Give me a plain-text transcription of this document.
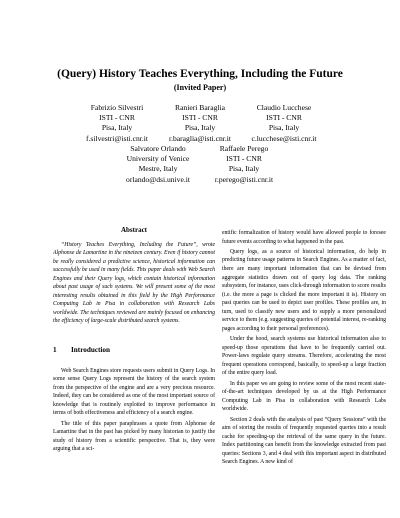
(Query) History Teaches Everything, Including the Future
(Invited Paper)
Fabrizio Silvestri
ISTI - CNR
Pisa, Italy
f.silvestri@isti.cnr.it
Ranieri Baraglia
ISTI - CNR
Pisa, Italy
r.baraglia@isti.cnr.it
Claudio Lucchese
ISTI - CNR
Pisa, Italy
c.lucchese@isti.cnr.it
Salvatore Orlando
University of Venice
Mestre, Italy
orlando@dsi.unive.it
Raffaele Perego
ISTI - CNR
Pisa, Italy
r.perego@isti.cnr.it
Abstract

“History Teaches Everything, Including the Future”, wrote Alphonse de Lamartine in the nineteen century. Even if history cannot be really considered a predictive science, historical information can successfully be used in many fields. This paper deals with Web Search Engines and their Query logs, which contain historical information about past usage of such systems. We will present some of the most interesting results obtained in this field by the High Performance Computing Lab in Pisa in collaboration with Research Labs worldwide. The techniques reviewed are mainly focused on enhancing the efficiency of large-scale distributed search systems.

1 Introduction

Web Search Engines store requests users submit in Query Logs. In some sense Query Logs represent the history of the search system from the perspective of the engine and are a very precious resource. Indeed, they can be considered as one of the most important source of knowledge that is routinely exploited to improve performance in terms of both effectiveness and efficiency of a search engine.

The title of this paper paraphrases a quote from Alphonse de Lamartine that in the past has picked by many historian to justify the study of history from a scientific perspective. That is, they were arguing that a sci-

entific formalization of history would have allowed people to foresee future events according to what happened in the past.

Query logs, as a source of historical information, do help in predicting future usage patterns in Search Engines. As a matter of fact, there are many important information that can be devised from aggregate statistics drawn out of query log data. The ranking subsystem, for instance, uses click-through information to score results (i.e. the more a page is clicked the more important it is). History on past queries can be used to depict user profiles. These profiles are, in turn, used to classify new users and to supply a more personalized service to them (e.g. suggesting queries of potential interest, re-ranking pages according to their personal preferences).

Under the hood, search systems use historical information also to speed-up those operations that have to be frequently carried out. Power-laws regulate query streams. Therefore, accelerating the most frequent operations correspond, basically, to speed-up a large fraction of the entire query load.

In this paper we are going to review some of the most recent state-of-the-art techniques developed by us at the High Performance Computing Lab in Pisa in collaboration with Research Labs worldwide.

Section 2 deals with the analysis of past “Query Sessions” with the aim of storing the results of frequently requested queries into a result cache for speeding-up the retrieval of the same query in the future. Index partitioning can benefit from the knowledge extracted from past queries: Sections 3, and 4 deal with this important aspect in distributed Search Engines. A new kind of
